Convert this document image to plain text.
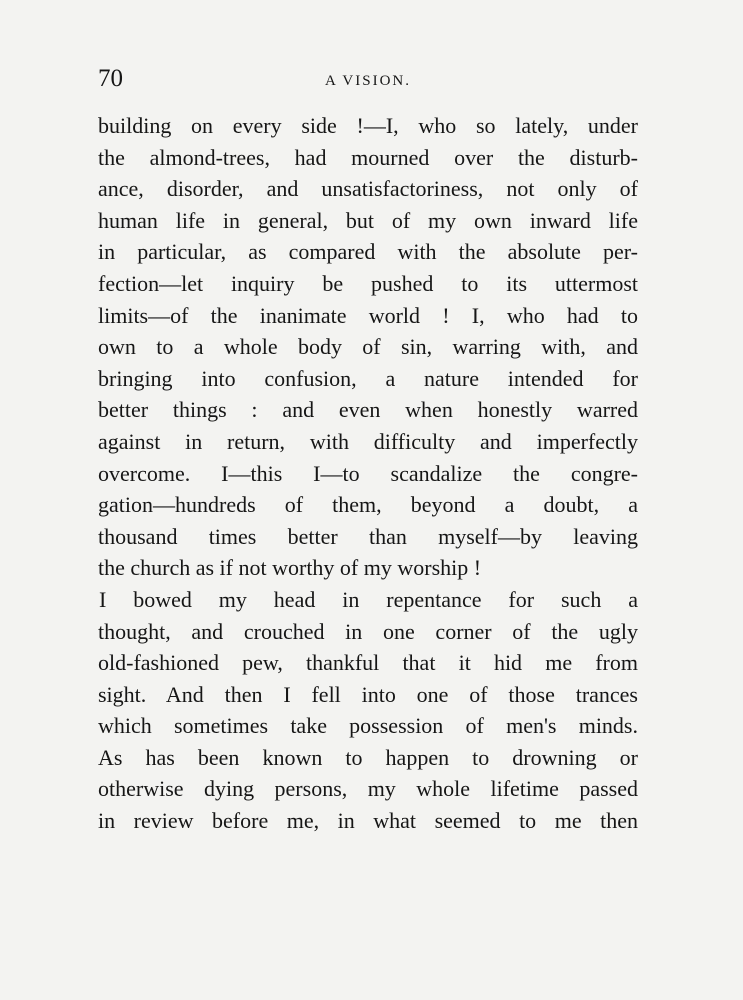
70	A VISION.
building on every side !—I, who so lately, under
the almond-trees, had mourned over the disturb-
ance, disorder, and unsatisfactoriness, not only of
human life in general, but of my own inward life
in particular, as compared with the absolute per-
fection—let inquiry be pushed to its uttermost
limits—of the inanimate world ! I, who had to
own to a whole body of sin, warring with, and
bringing into confusion, a nature intended for
better things : and even when honestly warred
against in return, with difficulty and imperfectly
overcome. I—this I—to scandalize the congre-
gation—hundreds of them, beyond a doubt, a
thousand times better than myself—by leaving
the church as if not worthy of my worship !
I bowed my head in repentance for such a
thought, and crouched in one corner of the ugly
old-fashioned pew, thankful that it hid me from
sight. And then I fell into one of those trances
which sometimes take possession of men's minds.
As has been known to happen to drowning or
otherwise dying persons, my whole lifetime passed
in review before me, in what seemed to me then
